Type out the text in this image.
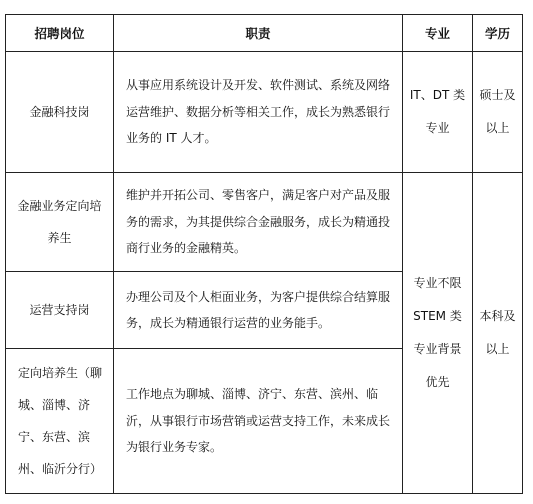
招聘岗位	职责	专业	学历

金融科技岗	从事应用系统设计及开发、软件测试、系统及网络运营维护、数据分析等相关工作，成长为熟悉银行业务的 IT 人才。	IT、DT 类专业	硕士及以上

金融业务定向培养生	维护并开拓公司、零售客户，满足客户对产品及服务的需求，为其提供综合金融服务，成长为精通投商行业务的金融精英。	专业不限 STEM 类专业背景优先	本科及以上

运营支持岗	办理公司及个人柜面业务，为客户提供综合结算服务，成长为精通银行运营的业务能手。		

定向培养生（聊城、淄博、济宁、东营、滨州、临沂分行）	工作地点为聊城、淄博、济宁、东营、滨州、临沂，从事银行市场营销或运营支持工作，未来成长为银行业务专家。		
